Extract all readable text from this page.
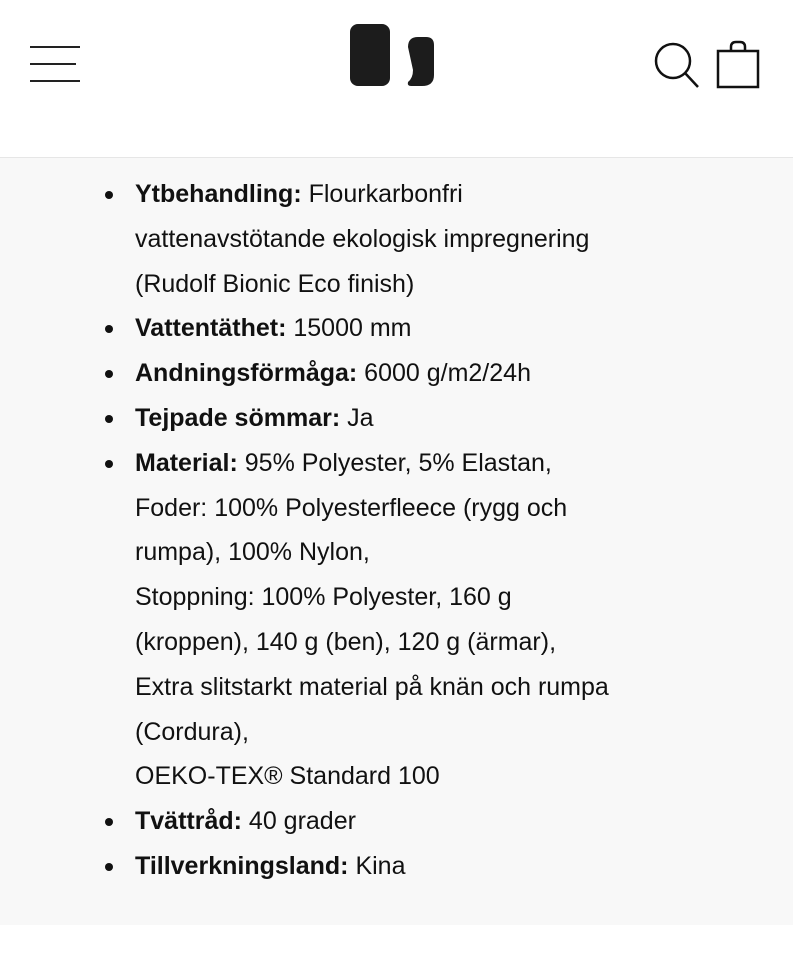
Ytbehandling: Flourkarbonfri
vattenavstötande ekologisk impregnering
(Rudolf Bionic Eco finish)
Vattentäthet: 15000 mm
Andningsförmåga: 6000 g/m2/24h
Tejpade sömmar: Ja
Material: 95% Polyester, 5% Elastan,
Foder: 100% Polyesterfleece (rygg och
rumpa), 100% Nylon,
Stoppning: 100% Polyester, 160 g
(kroppen), 140 g (ben), 120 g (ärmar),
Extra slitstarkt material på knän och rumpa
(Cordura),
OEKO-TEX® Standard 100
Tvättråd: 40 grader
Tillverkningsland: Kina
